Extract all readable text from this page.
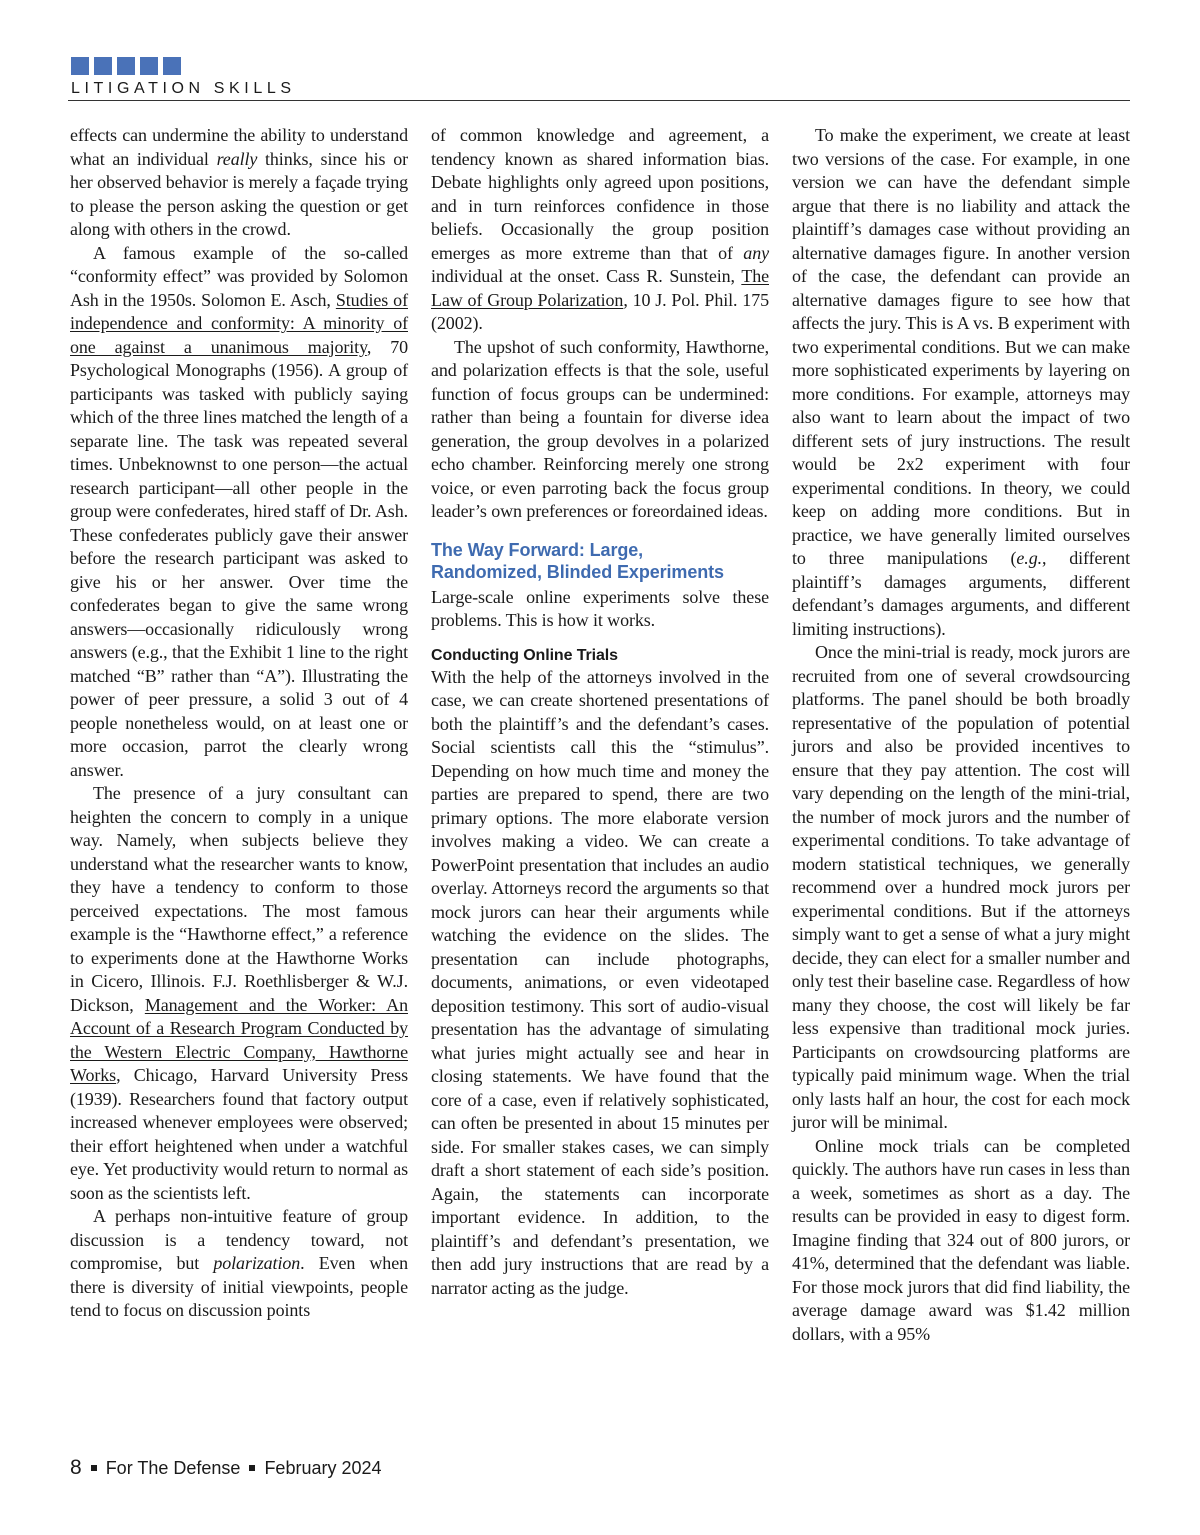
LITIGATION SKILLS

effects can undermine the ability to understand what an individual really thinks, since his or her observed behavior is merely a façade trying to please the person asking the question or get along with others in the crowd.

A famous example of the so-called “conformity effect” was provided by Solomon Ash in the 1950s. Solomon E. Asch, Studies of independence and conformity: A minority of one against a unanimous majority, 70 Psychological Monographs (1956). A group of participants was tasked with publicly saying which of the three lines matched the length of a separate line. The task was repeated several times. Unbeknownst to one person—the actual research participant—all other people in the group were confederates, hired staff of Dr. Ash. These confederates publicly gave their answer before the research participant was asked to give his or her answer. Over time the confederates began to give the same wrong answers—occasionally ridiculously wrong answers (e.g., that the Exhibit 1 line to the right matched “B” rather than “A”). Illustrating the power of peer pressure, a solid 3 out of 4 people nonetheless would, on at least one or more occasion, parrot the clearly wrong answer.

The presence of a jury consultant can heighten the concern to comply in a unique way. Namely, when subjects believe they understand what the researcher wants to know, they have a tendency to conform to those perceived expectations. The most famous example is the “Hawthorne effect,” a reference to experiments done at the Hawthorne Works in Cicero, Illinois. F.J. Roethlisberger & W.J. Dickson, Management and the Worker: An Account of a Research Program Conducted by the Western Electric Company, Hawthorne Works, Chicago, Harvard University Press (1939). Researchers found that factory output increased whenever employees were observed; their effort heightened when under a watchful eye. Yet productivity would return to normal as soon as the scientists left.

A perhaps non-intuitive feature of group discussion is a tendency toward, not compromise, but polarization. Even when there is diversity of initial viewpoints, people tend to focus on discussion points

of common knowledge and agreement, a tendency known as shared information bias. Debate highlights only agreed upon positions, and in turn reinforces confidence in those beliefs. Occasionally the group position emerges as more extreme than that of any individual at the onset. Cass R. Sunstein, The Law of Group Polarization, 10 J. Pol. Phil. 175 (2002).

The upshot of such conformity, Hawthorne, and polarization effects is that the sole, useful function of focus groups can be undermined: rather than being a fountain for diverse idea generation, the group devolves in a polarized echo chamber. Reinforcing merely one strong voice, or even parroting back the focus group leader’s own preferences or foreordained ideas.

The Way Forward: Large,
Randomized, Blinded Experiments

Large-scale online experiments solve these problems. This is how it works.

Conducting Online Trials

With the help of the attorneys involved in the case, we can create shortened presentations of both the plaintiff’s and the defendant’s cases. Social scientists call this the “stimulus”. Depending on how much time and money the parties are prepared to spend, there are two primary options. The more elaborate version involves making a video. We can create a PowerPoint presentation that includes an audio overlay. Attorneys record the arguments so that mock jurors can hear their arguments while watching the evidence on the slides. The presentation can include photographs, documents, animations, or even videotaped deposition testimony. This sort of audio-visual presentation has the advantage of simulating what juries might actually see and hear in closing statements. We have found that the core of a case, even if relatively sophisticated, can often be presented in about 15 minutes per side. For smaller stakes cases, we can simply draft a short statement of each side’s position. Again, the statements can incorporate important evidence. In addition, to the plaintiff’s and defendant’s presentation, we then add jury instructions that are read by a narrator acting as the judge.

To make the experiment, we create at least two versions of the case. For example, in one version we can have the defendant simple argue that there is no liability and attack the plaintiff’s damages case without providing an alternative damages figure. In another version of the case, the defendant can provide an alternative damages figure to see how that affects the jury. This is A vs. B experiment with two experimental conditions. But we can make more sophisticated experiments by layering on more conditions. For example, attorneys may also want to learn about the impact of two different sets of jury instructions. The result would be 2x2 experiment with four experimental conditions. In theory, we could keep on adding more conditions. But in practice, we have generally limited ourselves to three manipulations (e.g., different plaintiff’s damages arguments, different defendant’s damages arguments, and different limiting instructions).

Once the mini-trial is ready, mock jurors are recruited from one of several crowdsourcing platforms. The panel should be both broadly representative of the population of potential jurors and also be provided incentives to ensure that they pay attention. The cost will vary depending on the length of the mini-trial, the number of mock jurors and the number of experimental conditions. To take advantage of modern statistical techniques, we generally recommend over a hundred mock jurors per experimental conditions. But if the attorneys simply want to get a sense of what a jury might decide, they can elect for a smaller number and only test their baseline case. Regardless of how many they choose, the cost will likely be far less expensive than traditional mock juries. Participants on crowdsourcing platforms are typically paid minimum wage. When the trial only lasts half an hour, the cost for each mock juror will be minimal.

Online mock trials can be completed quickly. The authors have run cases in less than a week, sometimes as short as a day. The results can be provided in easy to digest form. Imagine finding that 324 out of 800 jurors, or 41%, determined that the defendant was liable. For those mock jurors that did find liability, the average damage award was $1.42 million dollars, with a 95%

8 For The Defense February 2024
